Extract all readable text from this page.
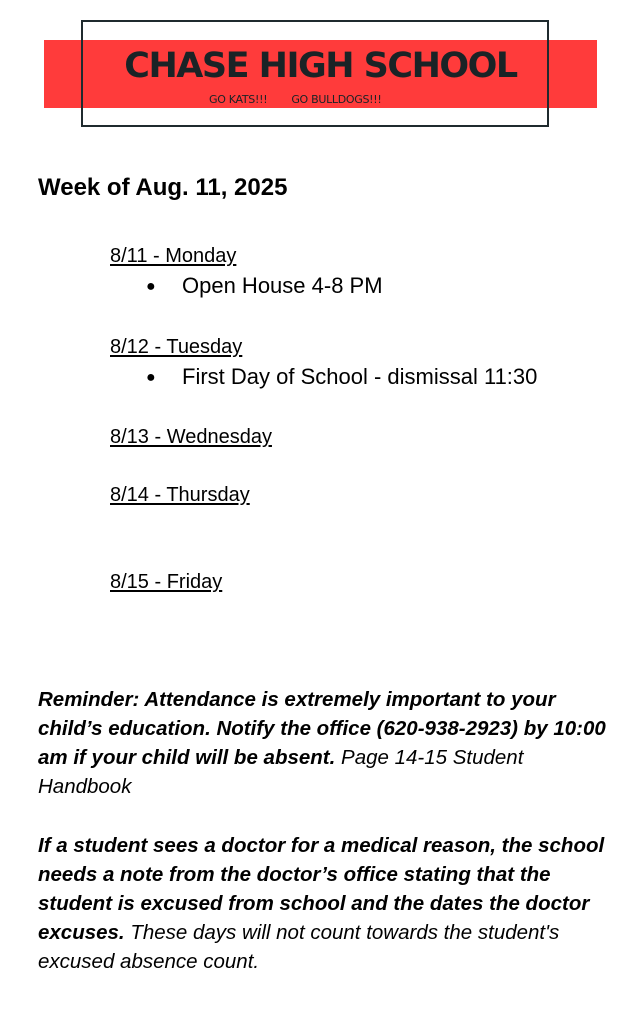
CHASE HIGH SCHOOL
GO KATS!!! GO BULLDOGS!!!
Week of Aug. 11, 2025
8/11 - Monday
● Open House 4-8 PM
8/12 - Tuesday
● First Day of School - dismissal 11:30
8/13 - Wednesday
8/14 - Thursday
8/15 - Friday
Reminder: Attendance is extremely important to your child’s education. Notify the office (620-938-2923) by 10:00 am if your child will be absent. Page 14-15 Student Handbook
If a student sees a doctor for a medical reason, the school needs a note from the doctor’s office stating that the student is excused from school and the dates the doctor excuses. These days will not count towards the student's excused absence count.
